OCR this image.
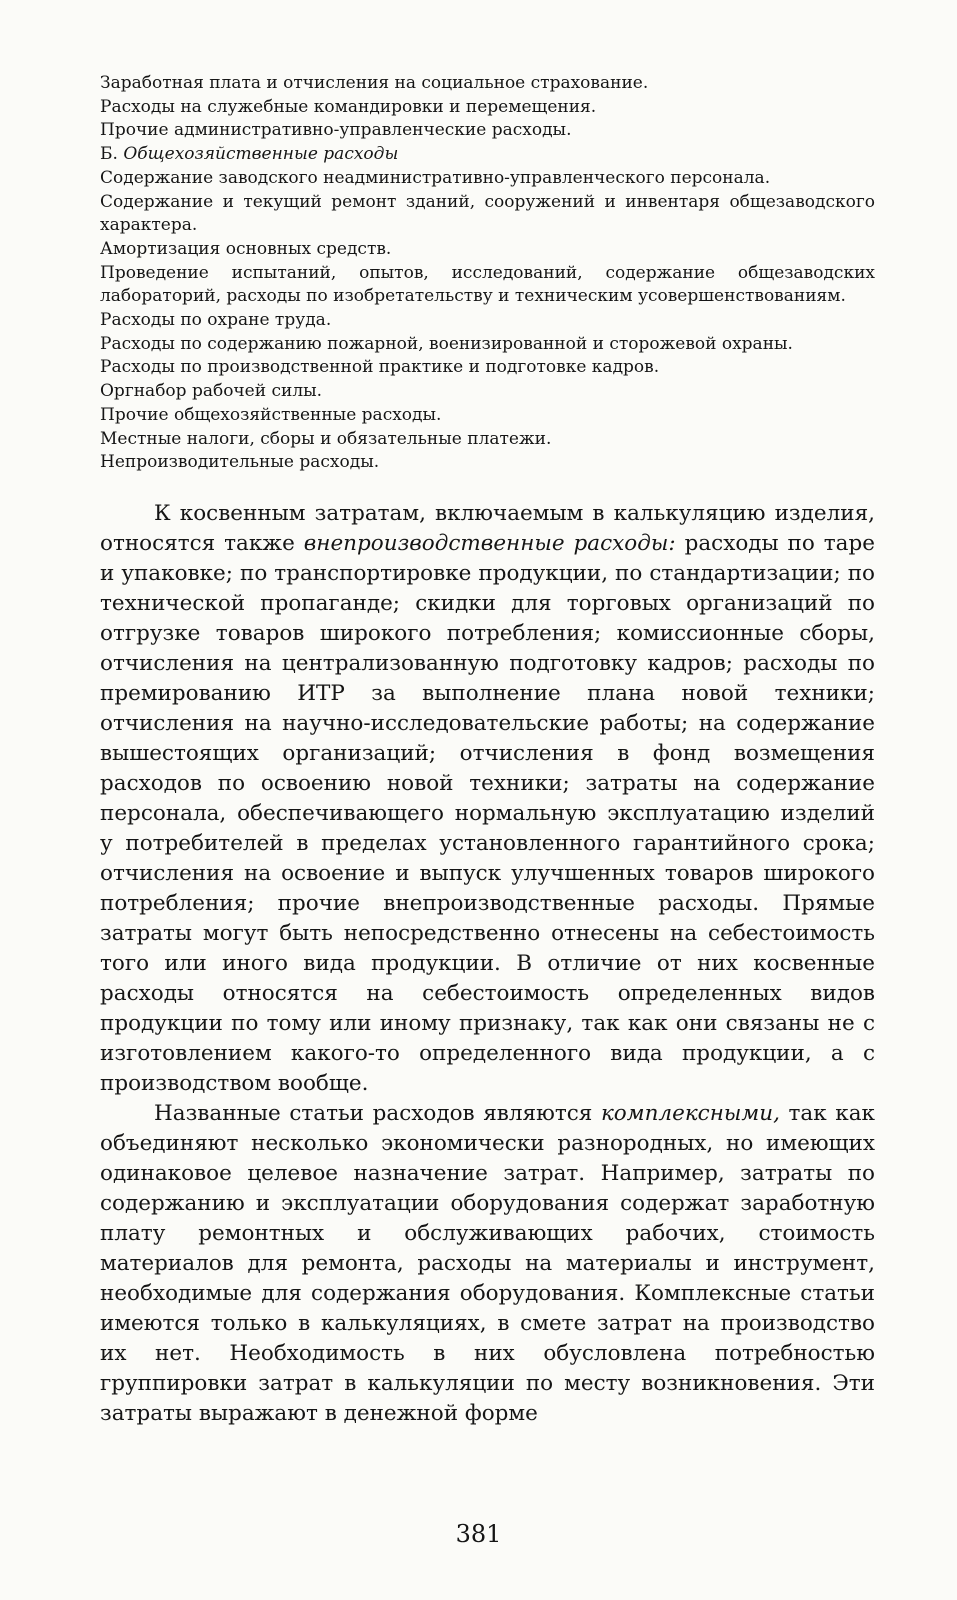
Заработная плата и отчисления на социальное страхование.

Расходы на служебные командировки и перемещения.

Прочие административно-управленческие расходы.

Б. Общехозяйственные расходы

Содержание заводского неадминистративно-управленческого персонала.

Содержание и текущий ремонт зданий, сооружений и инвентаря общезаводского характера.

Амортизация основных средств.

Проведение испытаний, опытов, исследований, содержание общезаводских лабораторий, расходы по изобретательству и техническим усовершенствованиям.

Расходы по охране труда.

Расходы по содержанию пожарной, военизированной и сторожевой охраны.

Расходы по производственной практике и подготовке кадров.

Оргнабор рабочей силы.

Прочие общехозяйственные расходы.

Местные налоги, сборы и обязательные платежи.

Непроизводительные расходы.

К косвенным затратам, включаемым в калькуляцию изделия, относятся также внепроизводственные расходы: расходы по таре и упаковке; по транспортировке продукции, по стандартизации; по технической пропаганде; скидки для торговых организаций по отгрузке товаров широкого потребления; комиссионные сборы, отчисления на централизованную подготовку кадров; расходы по премированию ИТР за выполнение плана новой техники; отчисления на научно-исследовательские работы; на содержание вышестоящих организаций; отчисления в фонд возмещения расходов по освоению новой техники; затраты на содержание персонала, обеспечивающего нормальную эксплуатацию изделий у потребителей в пределах установленного гарантийного срока; отчисления на освоение и выпуск улучшенных товаров широкого потребления; прочие внепроизводственные расходы. Прямые затраты могут быть непосредственно отнесены на себестоимость того или иного вида продукции. В отличие от них косвенные расходы относятся на себестоимость определенных видов продукции по тому или иному признаку, так как они связаны не с изготовлением какого-то определенного вида продукции, а с производством вообще.

Названные статьи расходов являются комплексными, так как объединяют несколько экономически разнородных, но имеющих одинаковое целевое назначение затрат. Например, затраты по содержанию и эксплуатации оборудования содержат заработную плату ремонтных и обслуживающих рабочих, стоимость материалов для ремонта, расходы на материалы и инструмент, необходимые для содержания оборудования. Комплексные статьи имеются только в калькуляциях, в смете затрат на производство их нет. Необходимость в них обусловлена потребностью группировки затрат в калькуляции по месту возникновения. Эти затраты выражают в денежной форме

381
